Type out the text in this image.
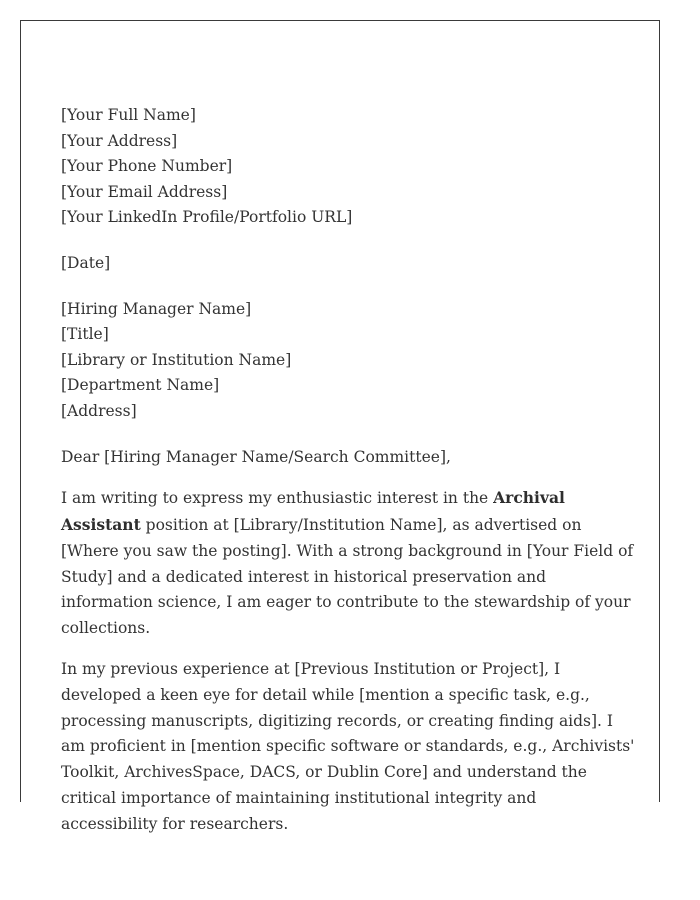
[Your Full Name]
[Your Address]
[Your Phone Number]
[Your Email Address]
[Your LinkedIn Profile/Portfolio URL]
[Date]
[Hiring Manager Name]
[Title]
[Library or Institution Name]
[Department Name]
[Address]
Dear [Hiring Manager Name/Search Committee],

I am writing to express my enthusiastic interest in the Archival Assistant position at [Library/Institution Name], as advertised on [Where you saw the posting]. With a strong background in [Your Field of Study] and a dedicated interest in historical preservation and information science, I am eager to contribute to the stewardship of your collections.

In my previous experience at [Previous Institution or Project], I developed a keen eye for detail while [mention a specific task, e.g., processing manuscripts, digitizing records, or creating finding aids]. I am proficient in [mention specific software or standards, e.g., Archivists' Toolkit, ArchivesSpace, DACS, or Dublin Core] and understand the critical importance of maintaining institutional integrity and accessibility for researchers.
